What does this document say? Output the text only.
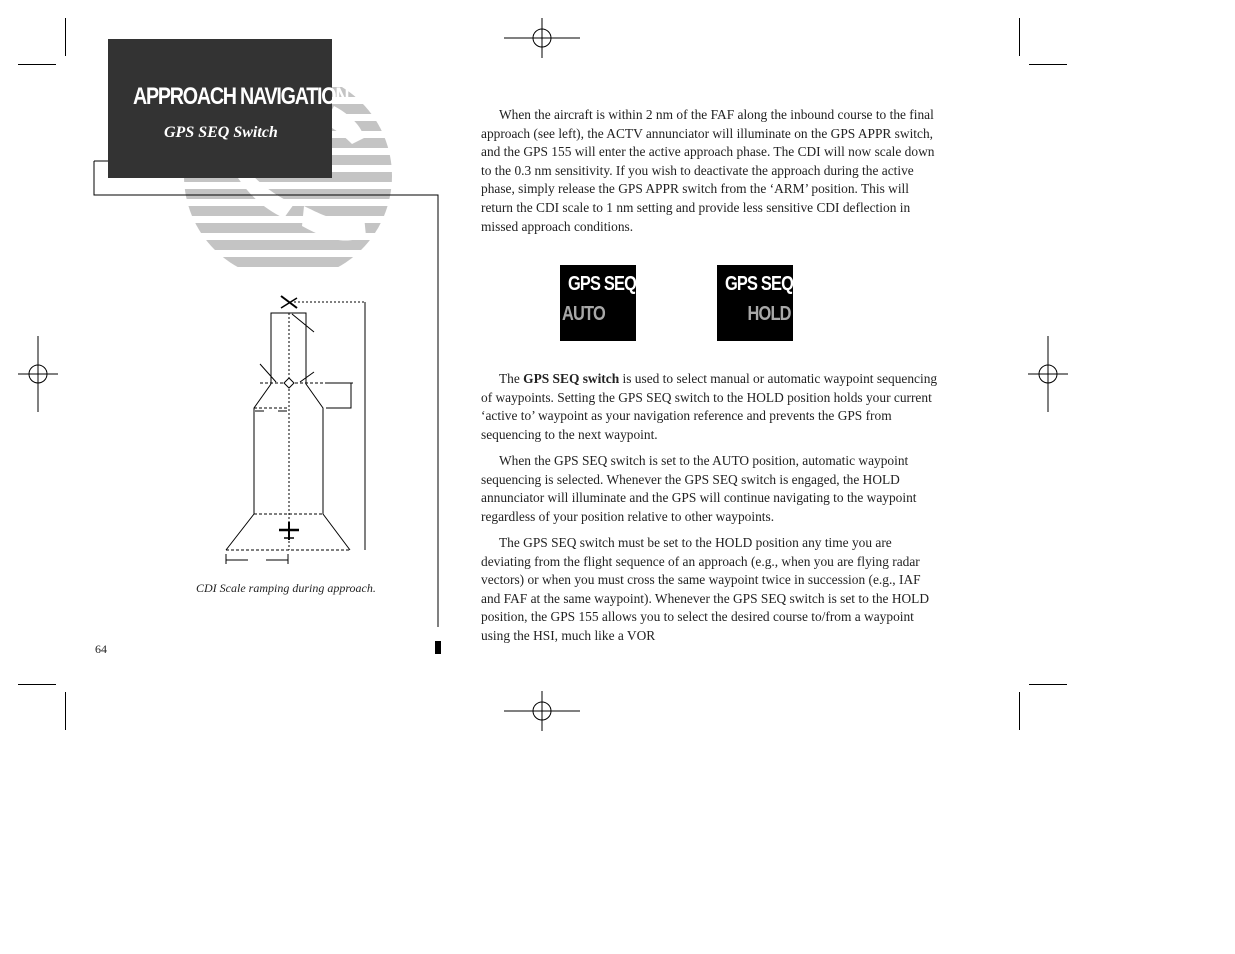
APPROACH NAVIGATION
GPS SEQ Switch
CDI Scale ramping during approach.

When the aircraft is within 2 nm of the FAF along the inbound course to the final approach (see left), the ACTV annunciator will illuminate on the GPS APPR switch, and the GPS 155 will enter the active approach phase. The CDI will now scale down to the 0.3 nm sensitivity. If you wish to deactivate the approach during the active phase, simply release the GPS APPR switch from the ‘ARM’ position. This will return the CDI scale to 1 nm setting and provide less sensitive CDI deflection in missed approach conditions.

GPS SEQ
AUTO
GPS SEQ
HOLD

The GPS SEQ switch is used to select manual or automatic waypoint sequencing of waypoints. Setting the GPS SEQ switch to the HOLD position holds your current ‘active to’ waypoint as your navigation reference and prevents the GPS from sequencing to the next waypoint.

When the GPS SEQ switch is set to the AUTO position, automatic waypoint sequencing is selected. Whenever the GPS SEQ switch is engaged, the HOLD annunciator will illuminate and the GPS will continue navigating to the waypoint regardless of your position relative to other waypoints.

The GPS SEQ switch must be set to the HOLD position any time you are deviating from the flight sequence of an approach (e.g., when you are flying radar vectors) or when you must cross the same waypoint twice in succession (e.g., IAF and FAF at the same waypoint). Whenever the GPS SEQ switch is set to the HOLD position, the GPS 155 allows you to select the desired course to/from a waypoint using the HSI, much like a VOR

64
